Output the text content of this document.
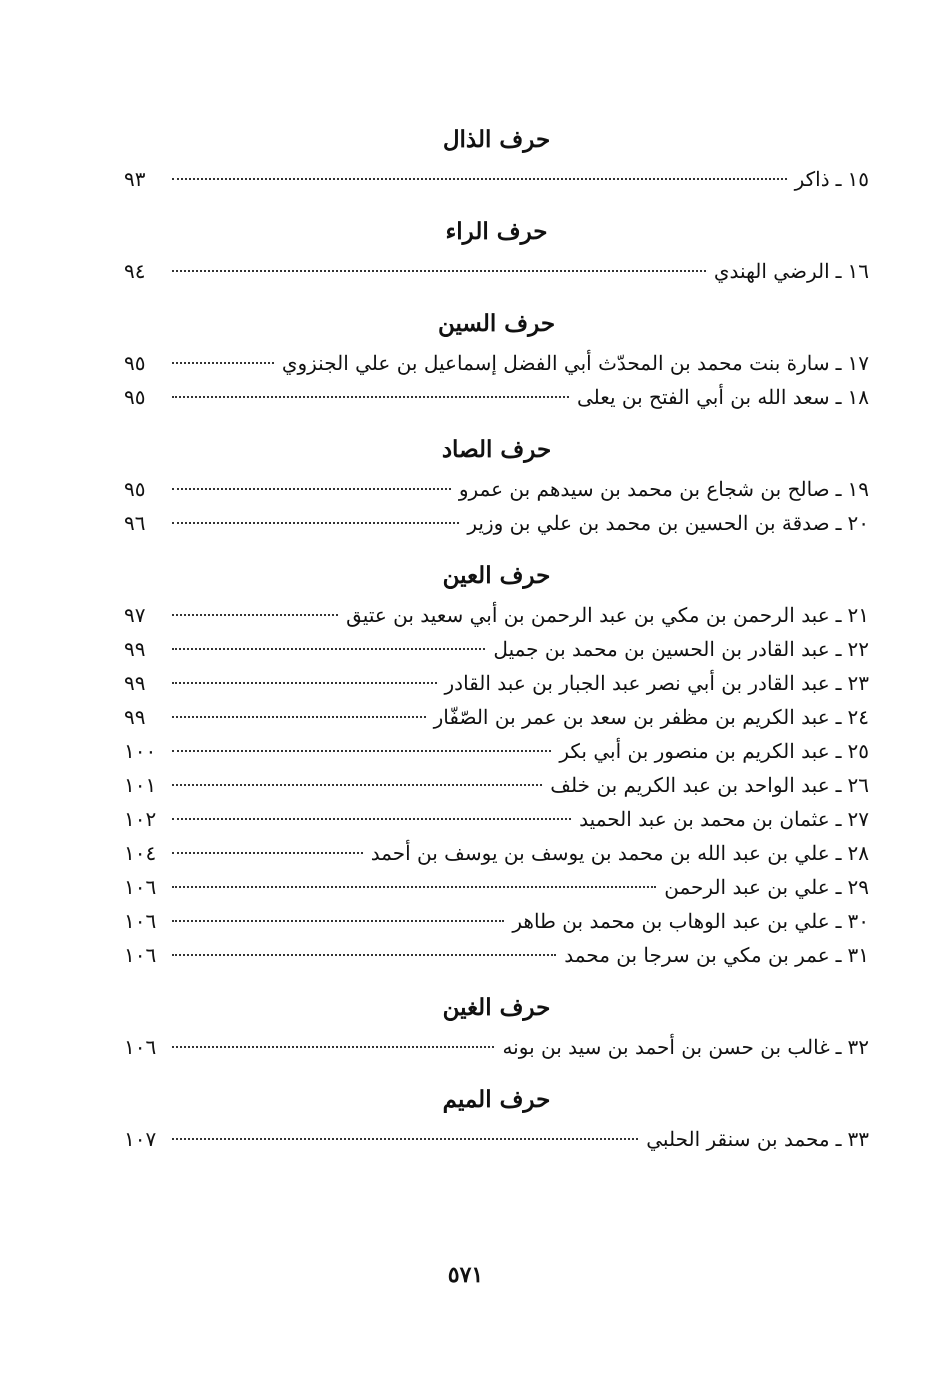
حرف الذال
١٥
ـ
ذاكر
٩٣
حرف الراء
١٦
ـ
الرضي الهندي
٩٤
حرف السين
١٧
ـ
سارة بنت محمد بن المحدّث أبي الفضل إسماعيل بن علي الجنزوي
٩٥
١٨
ـ
سعد الله بن أبي الفتح بن يعلى
٩٥
حرف الصاد
١٩
ـ
صالح بن شجاع بن محمد بن سيدهم بن عمرو
٩٥
٢٠
ـ
صدقة بن الحسين بن محمد بن علي بن وزير
٩٦
حرف العين
٢١
ـ
عبد الرحمن بن مكي بن عبد الرحمن بن أبي سعيد بن عتيق
٩٧
٢٢
ـ
عبد القادر بن الحسين بن محمد بن جميل
٩٩
٢٣
ـ
عبد القادر بن أبي نصر عبد الجبار بن عبد القادر
٩٩
٢٤
ـ
عبد الكريم بن مظفر بن سعد بن عمر بن الصّفّار
٩٩
٢٥
ـ
عبد الكريم بن منصور بن أبي بكر
١٠٠
٢٦
ـ
عبد الواحد بن عبد الكريم بن خلف
١٠١
٢٧
ـ
عثمان بن محمد بن عبد الحميد
١٠٢
٢٨
ـ
علي بن عبد الله بن محمد بن يوسف بن يوسف بن أحمد
١٠٤
٢٩
ـ
علي بن عبد الرحمن
١٠٦
٣٠
ـ
علي بن عبد الوهاب بن محمد بن طاهر
١٠٦
٣١
ـ
عمر بن مكي بن سرجا بن محمد
١٠٦
حرف الغين
٣٢
ـ
غالب بن حسن بن أحمد بن سيد بن بونه
١٠٦
حرف الميم
٣٣
ـ
محمد بن سنقر الحلبي
١٠٧
٥٧١
